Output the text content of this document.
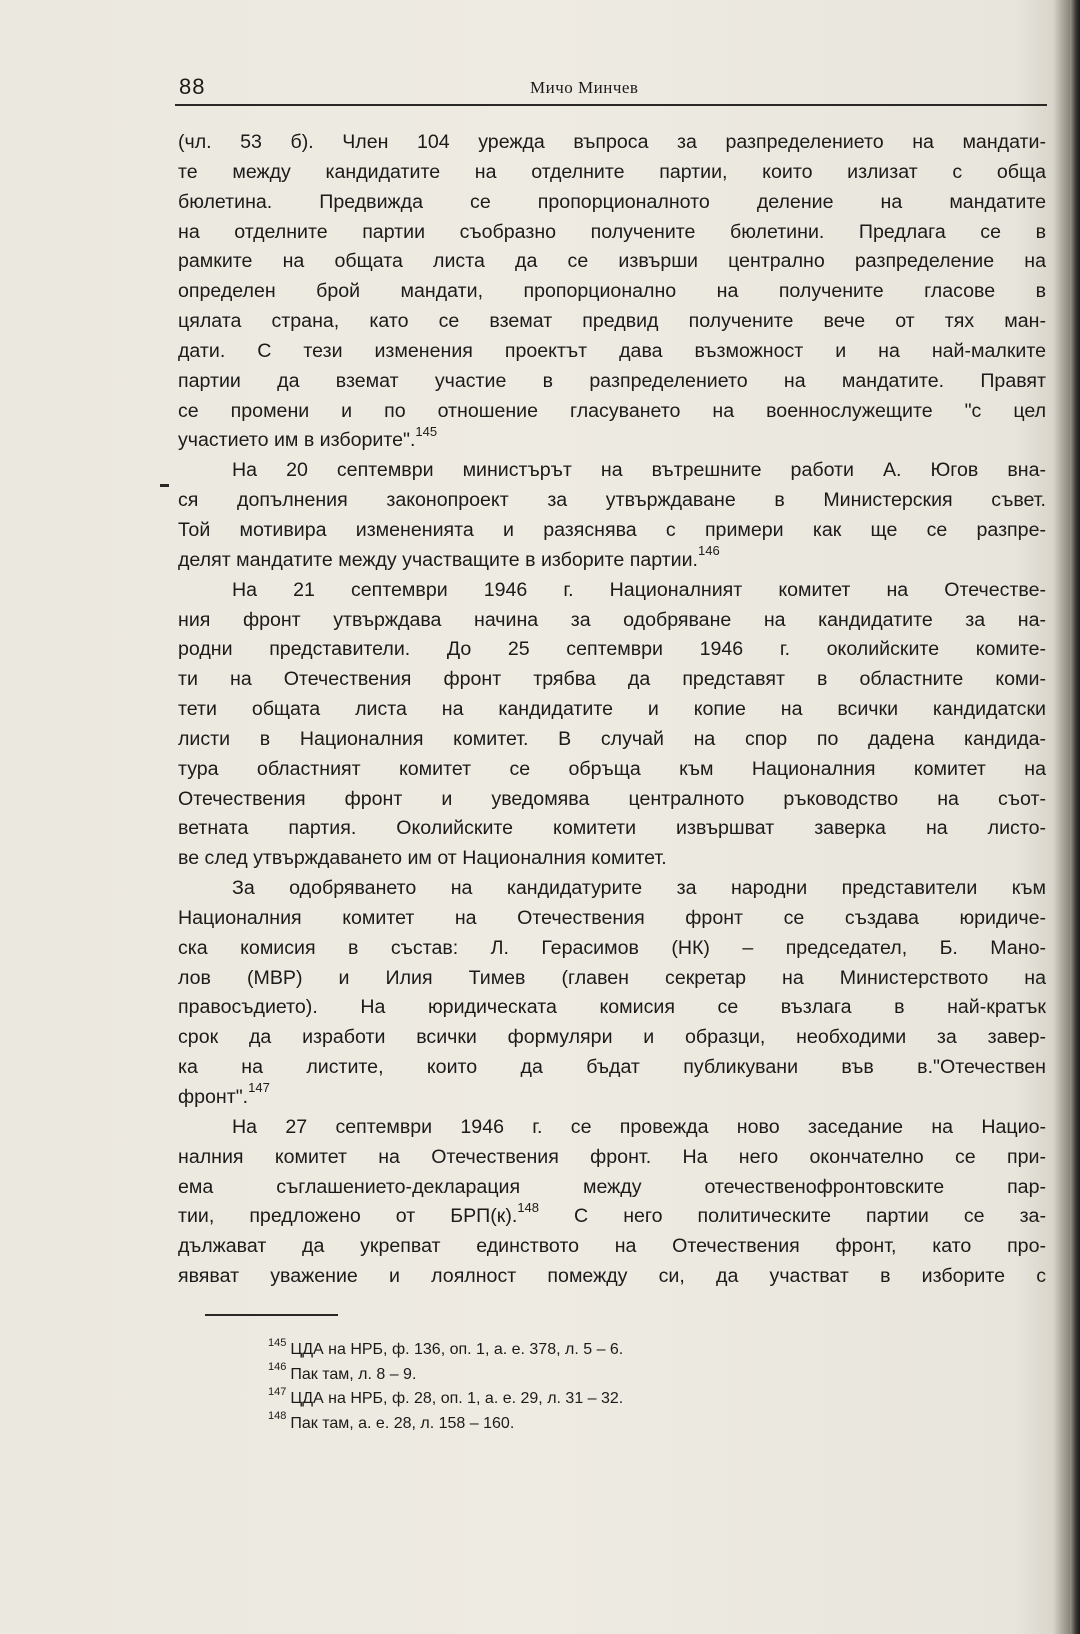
88	Мичо Минчев
(чл. 53 б). Член 104 урежда въпроса за разпределението на мандати-
те между кандидатите на отделните партии, които излизат с обща
бюлетина. Предвижда се пропорционалното деление на мандатите
на отделните партии съобразно получените бюлетини. Предлага се в
рамките на общата листа да се извърши централно разпределение на
определен брой мандати, пропорционално на получените гласове в
цялата страна, като се вземат предвид получените вече от тях ман-
дати. С тези изменения проектът дава възможност и на най-малките
партии да вземат участие в разпределението на мандатите. Правят
се промени и по отношение гласуването на военнослужещите "с цел
участието им в изборите".$^{145}$
На 20 септември министърът на вътрешните работи А. Югов вна-
ся допълнения законопроект за утвърждаване в Министерския съвет.
Той мотивира измененията и разяснява с примери как ще се разпре-
делят мандатите между участващите в изборите партии.$^{146}$
На 21 септември 1946 г. Националният комитет на Отечестве-
ния фронт утвърждава начина за одобряване на кандидатите за на-
родни представители. До 25 септември 1946 г. околийските комите-
ти на Отечествения фронт трябва да представят в областните коми-
тети общата листа на кандидатите и копие на всички кандидатски
листи в Националния комитет. В случай на спор по дадена кандида-
тура областният комитет се обръща към Националния комитет на
Отечествения фронт и уведомява централното ръководство на съот-
ветната партия. Околийските комитети извършват заверка на листо-
ве след утвърждаването им от Националния комитет.
За одобряването на кандидатурите за народни представители към
Националния комитет на Отечествения фронт се създава юридиче-
ска комисия в състав: Л. Герасимов (НК) – председател, Б. Мано-
лов (МВР) и Илия Тимев (главен секретар на Министерството на
правосъдието). На юридическата комисия се възлага в най-кратък
срок да изработи всички формуляри и образци, необходими за завер-
ка на листите, които да бъдат публикувани във в."Отечествен
фронт".$^{147}$
На 27 септември 1946 г. се провежда ново заседание на Нацио-
налния комитет на Отечествения фронт. На него окончателно се при-
ема съглашението-декларация между отечественофронтовските пар-
тии, предложено от БРП(к).$^{148}$ С него политическите партии се за-
дължават да укрепват единството на Отечествения фронт, като про-
явяват уважение и лоялност помежду си, да участват в изборите с
$^{145}$ ЦДА на НРБ, ф. 136, оп. 1, а. е. 378, л. 5 – 6.
$^{146}$ Пак там, л. 8 – 9.
$^{147}$ ЦДА на НРБ, ф. 28, оп. 1, а. е. 29, л. 31 – 32.
$^{148}$ Пак там, а. е. 28, л. 158 – 160.
